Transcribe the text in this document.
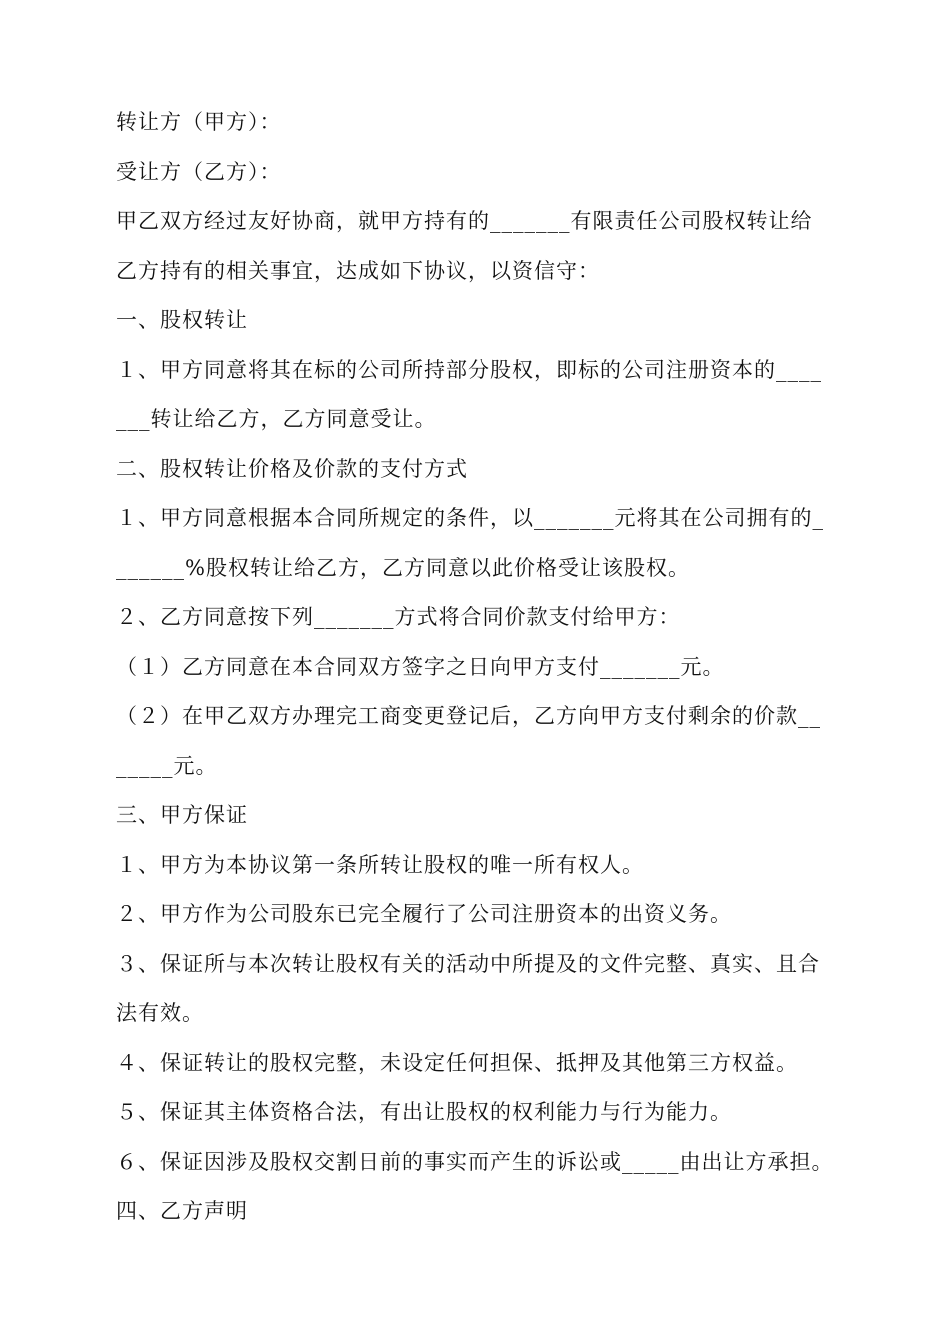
转让方（甲方）：
受让方（乙方）：
甲乙双方经过友好协商，就甲方持有的_______有限责任公司股权转让给
乙方持有的相关事宜，达成如下协议，以资信守：
一、股权转让
１、甲方同意将其在标的公司所持部分股权，即标的公司注册资本的____
___转让给乙方，乙方同意受让。
二、股权转让价格及价款的支付方式
１、甲方同意根据本合同所规定的条件，以_______元将其在公司拥有的_
______%股权转让给乙方，乙方同意以此价格受让该股权。
２、乙方同意按下列_______方式将合同价款支付给甲方：
（１）乙方同意在本合同双方签字之日向甲方支付_______元。
（２）在甲乙双方办理完工商变更登记后，乙方向甲方支付剩余的价款__
_____元。
三、甲方保证
１、甲方为本协议第一条所转让股权的唯一所有权人。
２、甲方作为公司股东已完全履行了公司注册资本的出资义务。
３、保证所与本次转让股权有关的活动中所提及的文件完整、真实、且合
法有效。
４、保证转让的股权完整，未设定任何担保、抵押及其他第三方权益。
５、保证其主体资格合法，有出让股权的权利能力与行为能力。
６、保证因涉及股权交割日前的事实而产生的诉讼或_____由出让方承担。
四、乙方声明
